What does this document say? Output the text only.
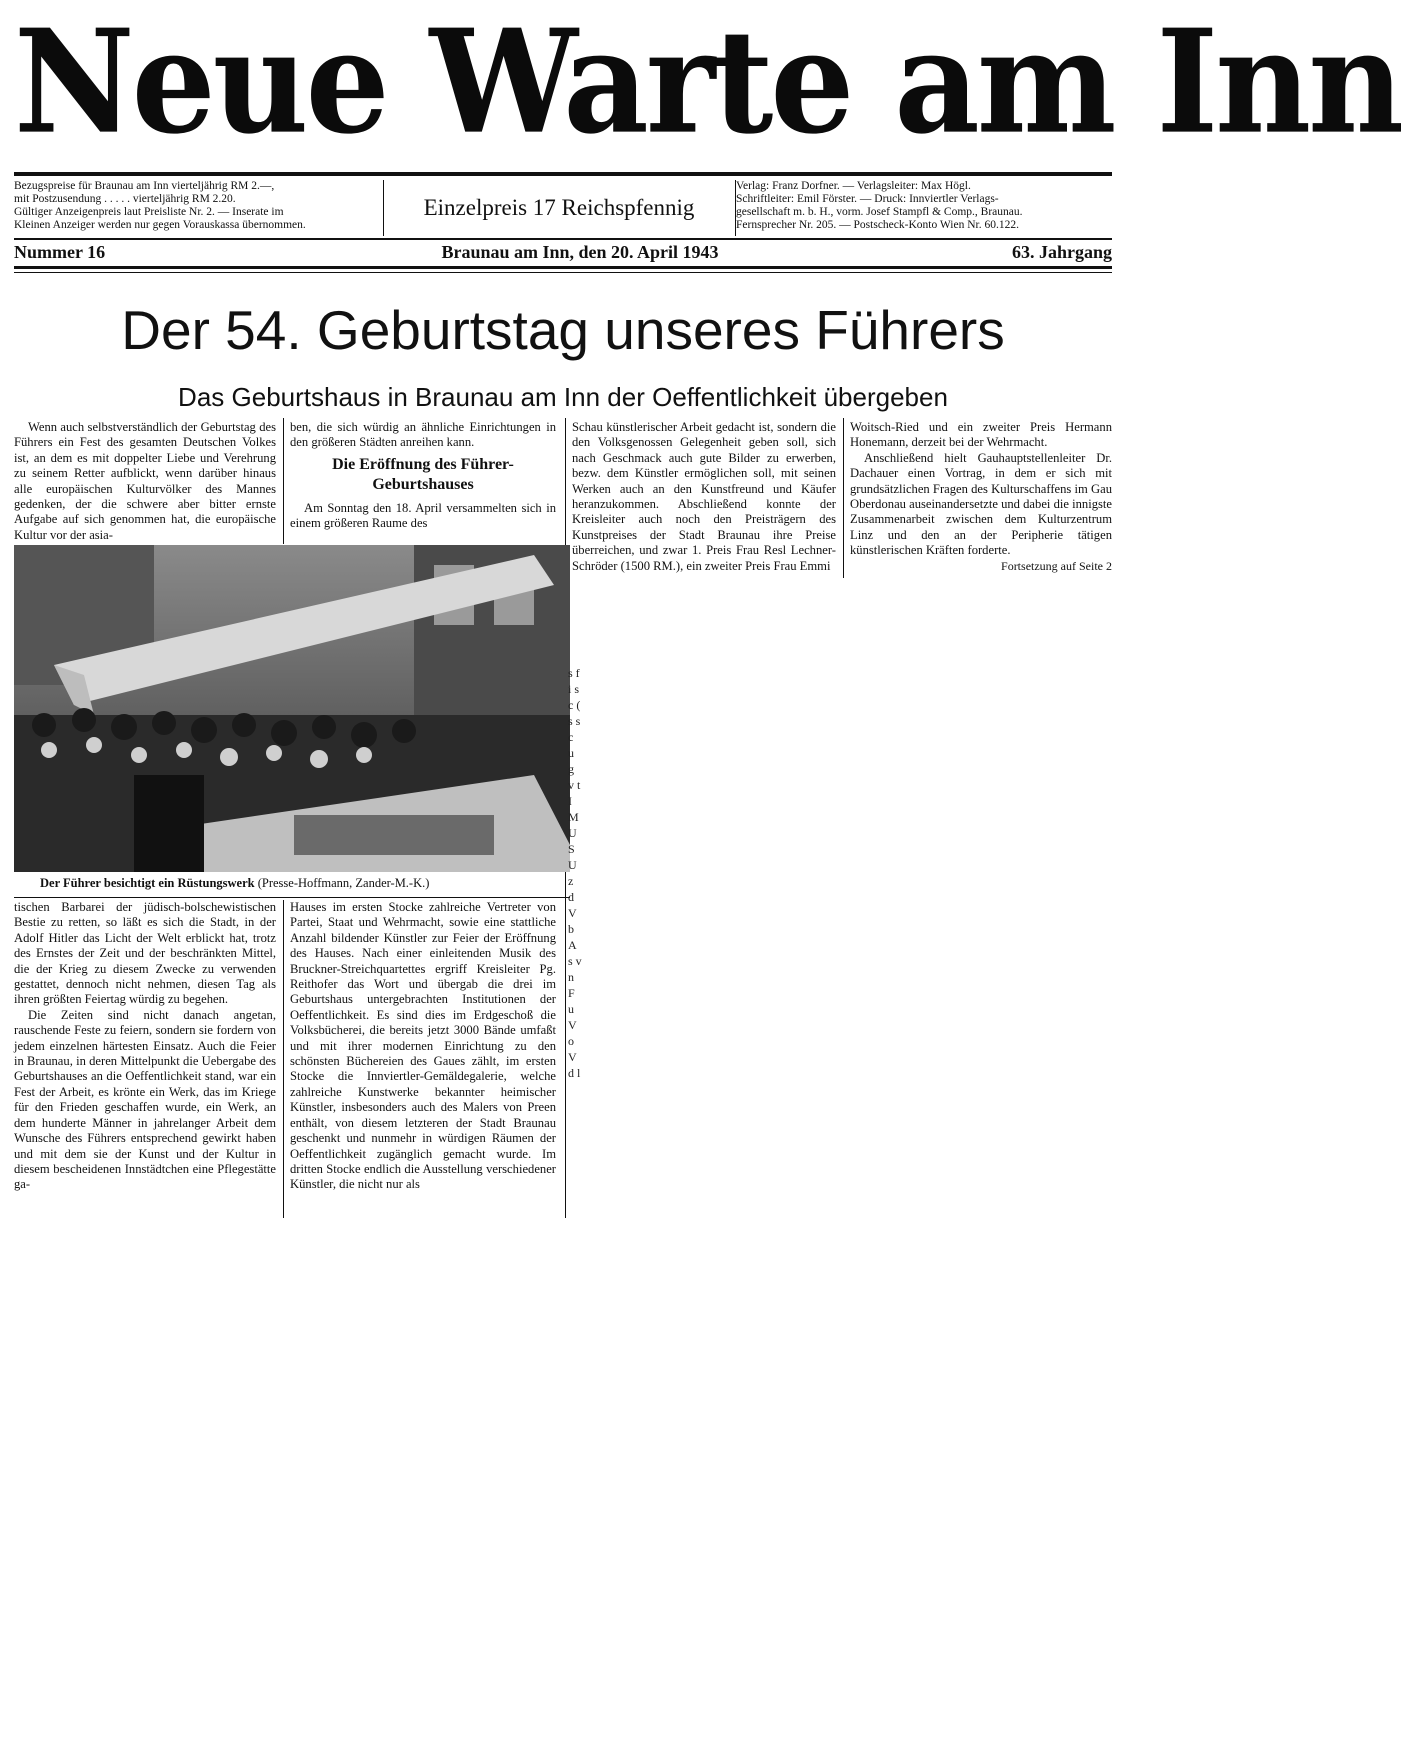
Neue Warte am Inn
Bezugspreise für Braunau am Inn vierteljährig RM 2.—,
mit Postzusendung . . . . . vierteljährig RM 2.20.
Gültiger Anzeigenpreis laut Preisliste Nr. 2. — Inserate im
Kleinen Anzeiger werden nur gegen Vorauskassa übernommen.
Einzelpreis 17 Reichspfennig
Verlag: Franz Dorfner. — Verlagsleiter: Max Högl.
Schriftleiter: Emil Förster. — Druck: Innviertler Verlags-
gesellschaft m. b. H., vorm. Josef Stampfl & Comp., Braunau.
Fernsprecher Nr. 205. — Postscheck-Konto Wien Nr. 60.122.
Nummer 16	Braunau am Inn, den 20. April 1943	63. Jahrgang
Der 54. Geburtstag unseres Führers
Das Geburtshaus in Braunau am Inn der Oeffentlichkeit übergeben

Wenn auch selbstverständlich der Geburtstag des Führers ein Fest des gesamten Deutschen Volkes ist, an dem es mit doppelter Liebe und Verehrung zu seinem Retter aufblickt, wenn darüber hinaus alle europäischen Kulturvölker des Mannes gedenken, der die schwere aber bitter ernste Aufgabe auf sich genommen hat, die europäische Kultur vor der asia-

ben, die sich würdig an ähnliche Einrichtungen in den größeren Städten anreihen kann.

Die Eröffnung des Führer-Geburtshauses

Am Sonntag den 18. April versammelten sich in einem größeren Raume des

Schau künstlerischer Arbeit gedacht ist, sondern die den Volksgenossen Gelegenheit geben soll, sich nach Geschmack auch gute Bilder zu erwerben, bezw. dem Künstler ermöglichen soll, mit seinen Werken auch an den Kunstfreund und Käufer heranzukommen. Abschließend konnte der Kreisleiter auch noch den Preisträgern des Kunstpreises der Stadt Braunau ihre Preise überreichen, und zwar 1. Preis Frau Resl Lechner-Schröder (1500 RM.), ein zweiter Preis Frau Emmi

Woitsch-Ried und ein zweiter Preis Hermann Honemann, derzeit bei der Wehrmacht.

Anschließend hielt Gauhauptstellenleiter Dr. Dachauer einen Vortrag, in dem er sich mit grundsätzlichen Fragen des Kulturschaffens im Gau Oberdonau auseinandersetzte und dabei die innigste Zusammenarbeit zwischen dem Kulturzentrum Linz und den an der Peripherie tätigen künstlerischen Kräften forderte.

Fortsetzung auf Seite 2
Der Führer besichtigt ein Rüstungswerk (Presse-Hoffmann, Zander-M.-K.)

tischen Barbarei der jüdisch-bolschewistischen Bestie zu retten, so läßt es sich die Stadt, in der Adolf Hitler das Licht der Welt erblickt hat, trotz des Ernstes der Zeit und der beschränkten Mittel, die der Krieg zu diesem Zwecke zu verwenden gestattet, dennoch nicht nehmen, diesen Tag als ihren größten Feiertag würdig zu begehen.

Die Zeiten sind nicht danach angetan, rauschende Feste zu feiern, sondern sie fordern von jedem einzelnen härtesten Einsatz. Auch die Feier in Braunau, in deren Mittelpunkt die Uebergabe des Geburtshauses an die Oeffentlichkeit stand, war ein Fest der Arbeit, es krönte ein Werk, das im Kriege für den Frieden geschaffen wurde, ein Werk, an dem hunderte Männer in jahrelanger Arbeit dem Wunsche des Führers entsprechend gewirkt haben und mit dem sie der Kunst und der Kultur in diesem bescheidenen Innstädtchen eine Pflegestätte ga-

Hauses im ersten Stocke zahlreiche Vertreter von Partei, Staat und Wehrmacht, sowie eine stattliche Anzahl bildender Künstler zur Feier der Eröffnung des Hauses. Nach einer einleitenden Musik des Bruckner-Streichquartettes ergriff Kreisleiter Pg. Reithofer das Wort und übergab die drei im Geburtshaus untergebrachten Institutionen der Oeffentlichkeit. Es sind dies im Erdgeschoß die Volksbücherei, die bereits jetzt 3000 Bände umfaßt und mit ihrer modernen Einrichtung zu den schönsten Büchereien des Gaues zählt, im ersten Stocke die Innviertler-Gemäldegalerie, welche zahlreiche Kunstwerke bekannter heimischer Künstler, insbesonders auch des Malers von Preen enthält, von diesem letzteren der Stadt Braunau geschenkt und nunmehr in würdigen Räumen der Oeffentlichkeit zugänglich gemacht wurde. Im dritten Stocke endlich die Ausstellung verschiedener Künstler, die nicht nur als

s f i s c ( s s c u g v t I M U S U z d V b A s v n F u V o V d l
